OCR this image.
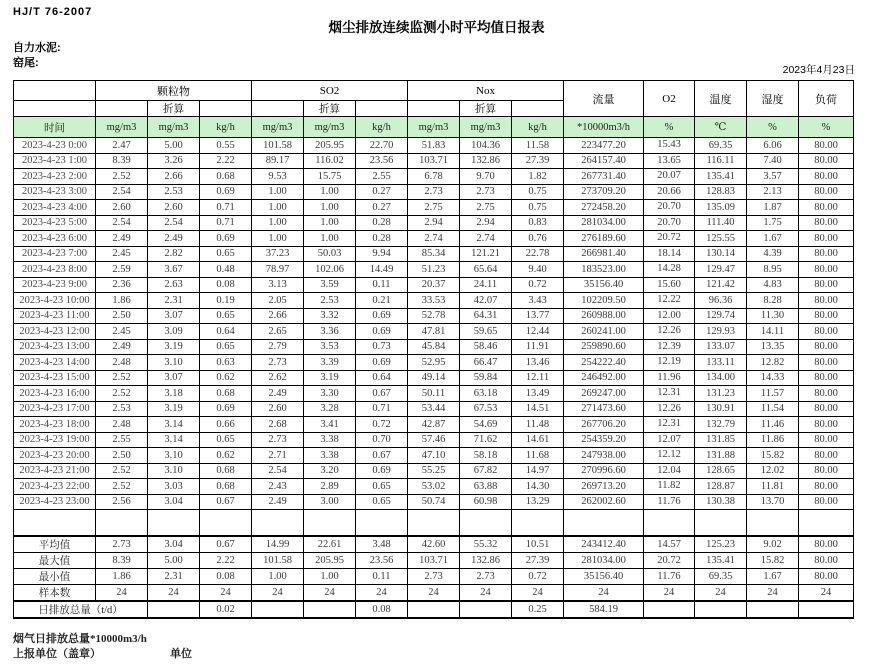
HJ/T 76-2007
烟尘排放连续监测小时平均值日报表
自力水泥:
窑尾:
2023年4月23日
	颗粒物			SO2			Nox			流量	O2	温度	湿度	负荷
		折算			折算			折算						
时间	mg/m3	mg/m3	kg/h	mg/m3	mg/m3	kg/h	mg/m3	mg/m3	kg/h	*10000m3/h	%	℃	%	%
2023-4-23 0:00	2.47	5.00	0.55	101.58	205.95	22.70	51.83	104.36	11.58	223477.20	15.43	69.35	6.06	80.00
2023-4-23 1:00	8.39	3.26	2.22	89.17	116.02	23.56	103.71	132.86	27.39	264157.40	13.65	116.11	7.40	80.00
2023-4-23 2:00	2.52	2.66	0.68	9.53	15.75	2.55	6.78	9.70	1.82	267731.40	20.07	135.41	3.57	80.00
2023-4-23 3:00	2.54	2.53	0.69	1.00	1.00	0.27	2.73	2.73	0.75	273709.20	20.66	128.83	2.13	80.00
2023-4-23 4:00	2.60	2.60	0.71	1.00	1.00	0.27	2.75	2.75	0.75	272458.20	20.70	135.09	1.87	80.00
2023-4-23 5:00	2.54	2.54	0.71	1.00	1.00	0.28	2.94	2.94	0.83	281034.00	20.70	111.40	1.75	80.00
2023-4-23 6:00	2.49	2.49	0.69	1.00	1.00	0.28	2.74	2.74	0.76	276189.60	20.72	125.55	1.67	80.00
2023-4-23 7:00	2.45	2.82	0.65	37.23	50.03	9.94	85.34	121.21	22.78	266981.40	18.14	130.14	4.39	80.00
2023-4-23 8:00	2.59	3.67	0.48	78.97	102.06	14.49	51.23	65.64	9.40	183523.00	14.28	129.47	8.95	80.00
2023-4-23 9:00	2.36	2.63	0.08	3.13	3.59	0.11	20.37	24.11	0.72	35156.40	15.60	121.42	4.83	80.00
2023-4-23 10:00	1.86	2.31	0.19	2.05	2.53	0.21	33.53	42.07	3.43	102209.50	12.22	96.36	8.28	80.00
2023-4-23 11:00	2.50	3.07	0.65	2.66	3.32	0.69	52.78	64.31	13.77	260988.00	12.00	129.74	11.30	80.00
2023-4-23 12:00	2.45	3.09	0.64	2.65	3.36	0.69	47.81	59.65	12.44	260241.00	12.26	129.93	14.11	80.00
2023-4-23 13:00	2.49	3.19	0.65	2.79	3.53	0.73	45.84	58.46	11.91	259890.60	12.39	133.07	13.35	80.00
2023-4-23 14:00	2.48	3.10	0.63	2.73	3.39	0.69	52.95	66.47	13.46	254222.40	12.19	133.11	12.82	80.00
2023-4-23 15:00	2.52	3.07	0.62	2.62	3.19	0.64	49.14	59.84	12.11	246492.00	11.96	134.00	14.33	80.00
2023-4-23 16:00	2.52	3.18	0.68	2.49	3.30	0.67	50.11	63.18	13.49	269247.00	12.31	131.23	11.57	80.00
2023-4-23 17:00	2.53	3.19	0.69	2.60	3.28	0.71	53.44	67.53	14.51	271473.60	12.26	130.91	11.54	80.00
2023-4-23 18:00	2.48	3.14	0.66	2.68	3.41	0.72	42.87	54.69	11.48	267706.20	12.31	132.79	11.46	80.00
2023-4-23 19:00	2.55	3.14	0.65	2.73	3.38	0.70	57.46	71.62	14.61	254359.20	12.07	131.85	11.86	80.00
2023-4-23 20:00	2.50	3.10	0.62	2.71	3.38	0.67	47.10	58.18	11.68	247938.00	12.12	131.88	15.82	80.00
2023-4-23 21:00	2.52	3.10	0.68	2.54	3.20	0.69	55.25	67.82	14.97	270996.60	12.04	128.65	12.02	80.00
2023-4-23 22:00	2.52	3.03	0.68	2.43	2.89	0.65	53.02	63.88	14.30	269713.20	11.82	128.87	11.81	80.00
2023-4-23 23:00	2.56	3.04	0.67	2.49	3.00	0.65	50.74	60.98	13.29	262002.60	11.76	130.38	13.70	80.00

平均值	2.73	3.04	0.67	14.99	22.61	3.48	42.60	55.32	10.51	243412.40	14.57	125.23	9.02	80.00
最大值	8.39	5.00	2.22	101.58	205.95	23.56	103.71	132.86	27.39	281034.00	20.72	135.41	15.82	80.00
最小值	1.86	2.31	0.08	1.00	1.00	0.11	2.73	2.73	0.72	35156.40	11.76	69.35	1.67	80.00
样本数	24	24	24	24	24	24	24	24	24	24	24	24	24	24
日排放总量（t/d）			0.02			0.08			0.25	584.19				
烟气日排放总量*10000m3/h
上报单位（盖章）	单位
